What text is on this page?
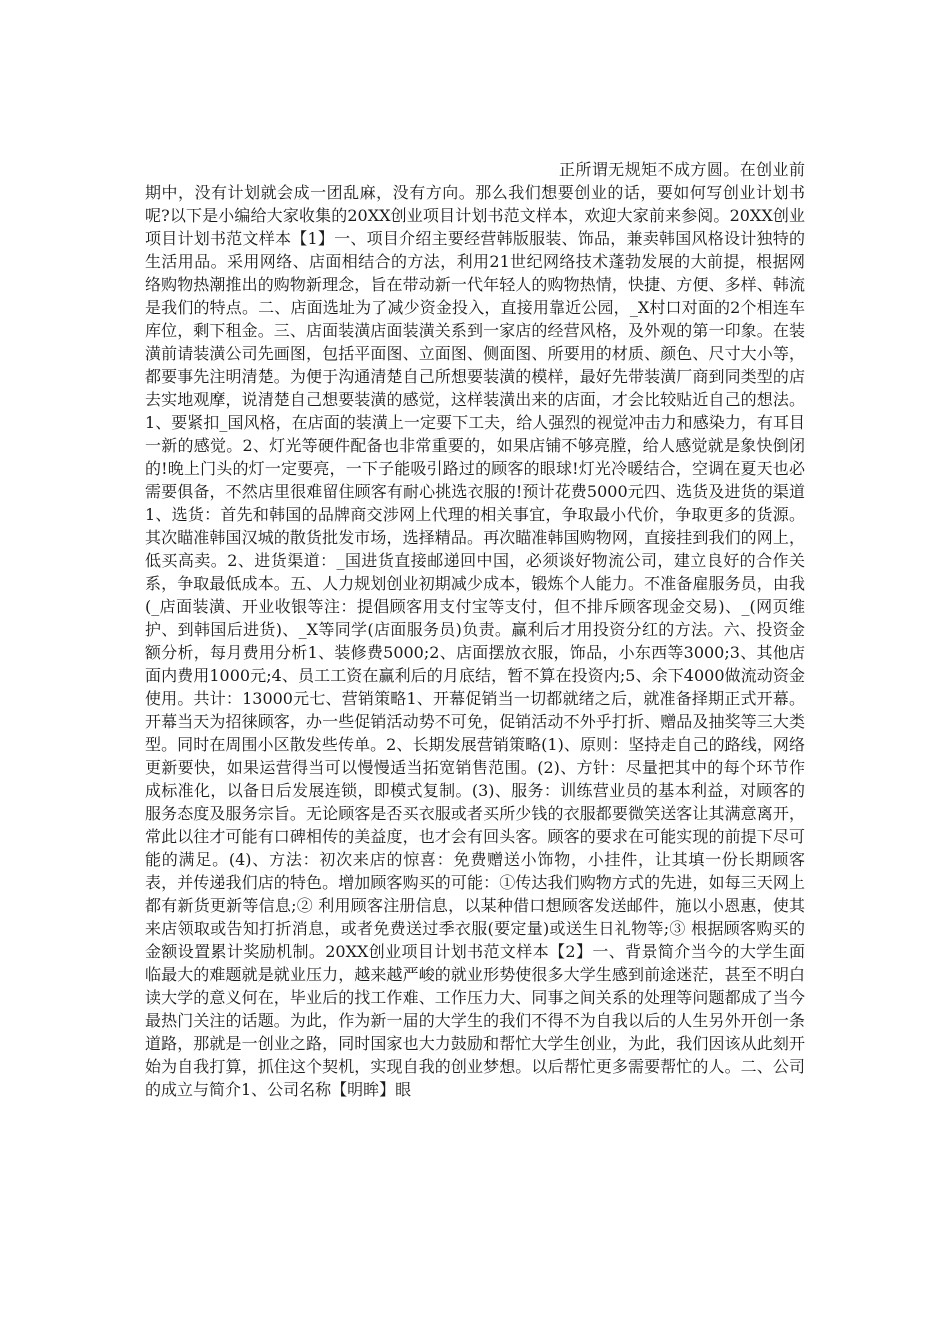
正所谓无规矩不成方圆。在创业前期中，没有计划就会成一团乱麻，没有方向。那么我们想要创业的话，要如何写创业计划书呢?以下是小编给大家收集的20XX创业项目计划书范文样本，欢迎大家前来参阅。20XX创业项目计划书范文样本【1】一、项目介绍主要经营韩版服装、饰品，兼卖韩国风格设计独特的生活用品。采用网络、店面相结合的方法，利用21世纪网络技术蓬勃发展的大前提，根据网络购物热潮推出的购物新理念，旨在带动新一代年轻人的购物热情，快捷、方便、多样、韩流是我们的特点。二、店面选址为了减少资金投入，直接用靠近公园，_X村口对面的2个相连车库位，剩下租金。三、店面装潢店面装潢关系到一家店的经营风格，及外观的第一印象。在装潢前请装潢公司先画图，包括平面图、立面图、侧面图、所要用的材质、颜色、尺寸大小等，都要事先注明清楚。为便于沟通清楚自己所想要装潢的模样，最好先带装潢厂商到同类型的店去实地观摩，说清楚自己想要装潢的感觉，这样装潢出来的店面，才会比较贴近自己的想法。1、要紧扣_国风格，在店面的装潢上一定要下工夫，给人强烈的视觉冲击力和感染力，有耳目一新的感觉。2、灯光等硬件配备也非常重要的，如果店铺不够亮膛，给人感觉就是象快倒闭的!晚上门头的灯一定要亮，一下子能吸引路过的顾客的眼球!灯光冷暖结合，空调在夏天也必需要俱备，不然店里很难留住顾客有耐心挑选衣服的!预计花费5000元四、选货及进货的渠道1、选货：首先和韩国的品牌商交涉网上代理的相关事宜，争取最小代价，争取更多的货源。其次瞄准韩国汉城的散货批发市场，选择精品。再次瞄准韩国购物网，直接挂到我们的网上，低买高卖。2、进货渠道：_国进货直接邮递回中国，必须谈好物流公司，建立良好的合作关系，争取最低成本。五、人力规划创业初期减少成本，锻炼个人能力。不准备雇服务员，由我(_店面装潢、开业收银等注：提倡顾客用支付宝等支付，但不排斥顾客现金交易)、_(网页维护、到韩国后进货)、_X等同学(店面服务员)负责。赢利后才用投资分红的方法。六、投资金额分析，每月费用分析1、装修费5000;2、店面摆放衣服，饰品，小东西等3000;3、其他店面内费用1000元;4、员工工资在赢利后的月底结，暂不算在投资内;5、余下4000做流动资金使用。共计：13000元七、营销策略1、开幕促销当一切都就绪之后，就准备择期正式开幕。开幕当天为招徕顾客，办一些促销活动势不可免，促销活动不外乎打折、赠品及抽奖等三大类型。同时在周围小区散发些传单。2、长期发展营销策略(1)、原则：坚持走自己的路线，网络更新要快，如果运营得当可以慢慢适当拓宽销售范围。(2)、方针：尽量把其中的每个环节作成标准化，以备日后发展连锁，即模式复制。(3)、服务：训练营业员的基本利益，对顾客的服务态度及服务宗旨。无论顾客是否买衣服或者买所少钱的衣服都要微笑送客让其满意离开，常此以往才可能有口碑相传的美益度，也才会有回头客。顾客的要求在可能实现的前提下尽可能的满足。(4)、方法：初次来店的惊喜：免费赠送小饰物，小挂件，让其填一份长期顾客表，并传递我们店的特色。增加顾客购买的可能：①传达我们购物方式的先进，如每三天网上都有新货更新等信息;② 利用顾客注册信息，以某种借口想顾客发送邮件，施以小恩惠，使其来店领取或告知打折消息，或者免费送过季衣服(要定量)或送生日礼物等;③ 根据顾客购买的金额设置累计奖励机制。20XX创业项目计划书范文样本【2】一、背景简介当今的大学生面临最大的难题就是就业压力，越来越严峻的就业形势使很多大学生感到前途迷茫，甚至不明白读大学的意义何在，毕业后的找工作难、工作压力大、同事之间关系的处理等问题都成了当今最热门关注的话题。为此，作为新一届的大学生的我们不得不为自我以后的人生另外开创一条道路，那就是一创业之路，同时国家也大力鼓励和帮忙大学生创业，为此，我们因该从此刻开始为自我打算，抓住这个契机，实现自我的创业梦想。以后帮忙更多需要帮忙的人。二、公司的成立与简介1、公司名称【明眸】眼
